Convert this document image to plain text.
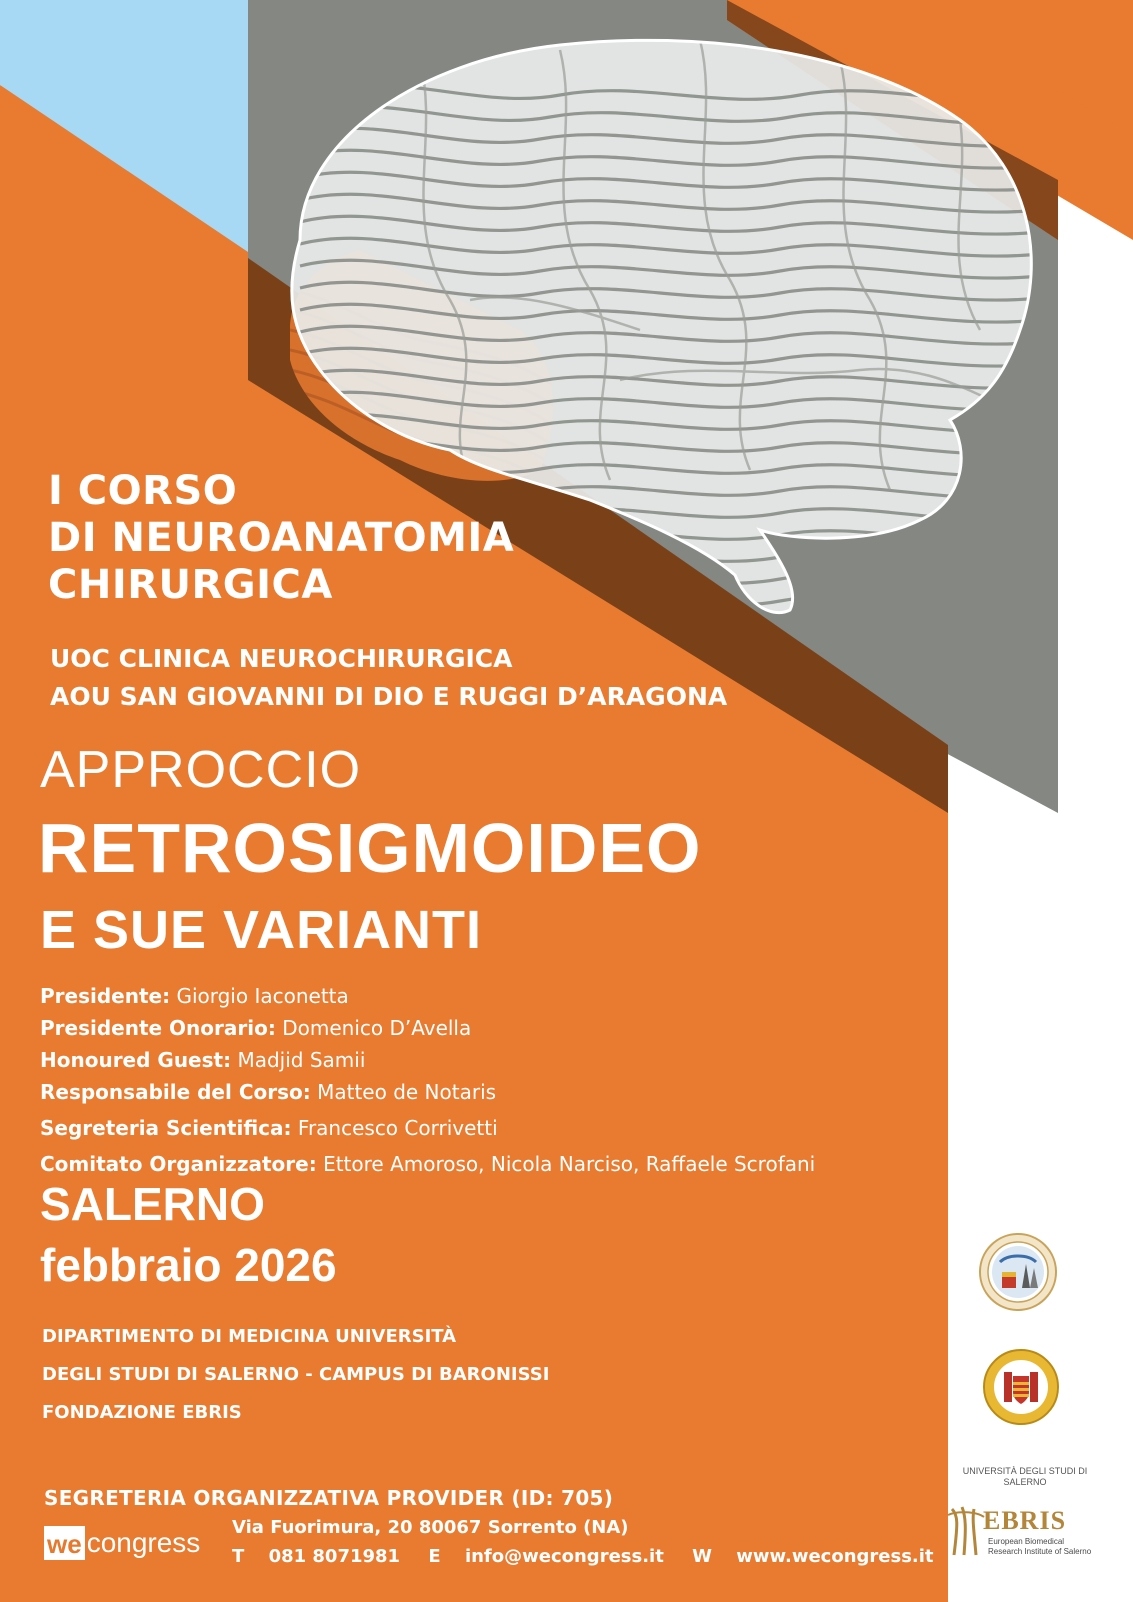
I CORSO
DI NEUROANATOMIA
CHIRURGICA
UOC CLINICA NEUROCHIRURGICA
AOU SAN GIOVANNI DI DIO E RUGGI D’ARAGONA
APPROCCIO
RETROSIGMOIDEO
E SUE VARIANTI
Presidente: Giorgio Iaconetta
Presidente Onorario: Domenico D’Avella
Honoured Guest: Madjid Samii
Responsabile del Corso: Matteo de Notaris
Segreteria Scientifica: Francesco Corrivetti
Comitato Organizzatore: Ettore Amoroso, Nicola Narciso, Raffaele Scrofani
SALERNO
febbraio 2026
DIPARTIMENTO DI MEDICINA UNIVERSITÀ
DEGLI STUDI DI SALERNO - CAMPUS DI BARONISSI
FONDAZIONE EBRIS
SEGRETERIA ORGANIZZATIVA PROVIDER (ID: 705)
we congress Via Fuorimura, 20 80067 Sorrento (NA)
T 081 8071981 E info@wecongress.it W www.wecongress.it
UNIVERSITÀ DEGLI STUDI DI SALERNO
EBRIS
European Biomedical Research Institute of Salerno
